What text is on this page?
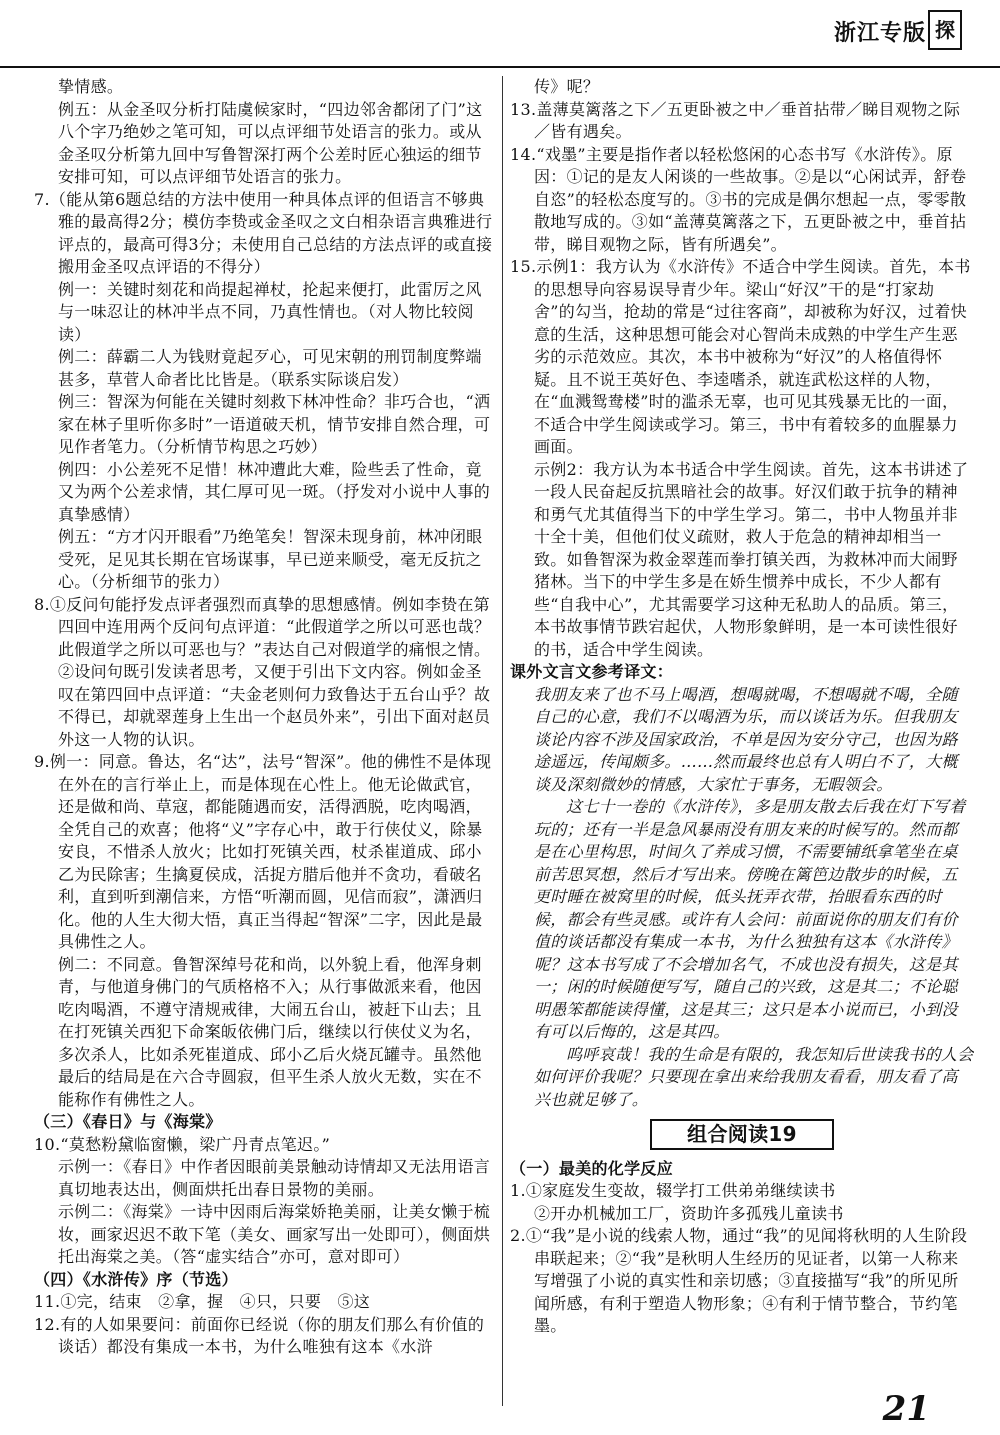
浙江专版 探

挚情感。

例五：从金圣叹分析打陆虞候家时，“四边邻舍都闭了门”这八个字乃绝妙之笔可知，可以点评细节处语言的张力。或从金圣叹分析第九回中写鲁智深打两个公差时匠心独运的细节安排可知，可以点评细节处语言的张力。

7.（能从第6题总结的方法中使用一种具体点评的但语言不够典雅的最高得2分；模仿李贽或金圣叹之文白相杂语言典雅进行评点的，最高可得3分；未使用自己总结的方法点评的或直接搬用金圣叹点评语的不得分）

例一：关键时刻花和尚提起禅杖，抡起来便打，此雷厉之风与一味忍让的林冲半点不同，乃真性情也。（对人物比较阅读）

例二：薛霸二人为钱财竟起歹心，可见宋朝的刑罚制度弊端甚多，草菅人命者比比皆是。（联系实际谈启发）

例三：智深为何能在关键时刻救下林冲性命？非巧合也，“洒家在林子里听你多时”一语道破天机，情节安排自然合理，可见作者笔力。（分析情节构思之巧妙）

例四：小公差死不足惜！林冲遭此大难，险些丢了性命，竟又为两个公差求情，其仁厚可见一斑。（抒发对小说中人事的真挚感情）

例五：“方才闪开眼看”乃绝笔矣！智深未现身前，林冲闭眼受死，足见其长期在官场谋事，早已逆来顺受，毫无反抗之心。（分析细节的张力）

8.①反问句能抒发点评者强烈而真挚的思想感情。例如李贽在第四回中连用两个反问句点评道：“此假道学之所以可恶也哉？此假道学之所以可恶也与？”表达自己对假道学的痛恨之情。②设问句既引发读者思考，又便于引出下文内容。例如金圣叹在第四回中点评道：“夫金老则何力致鲁达于五台山乎？故不得已，却就翠莲身上生出一个赵员外来”，引出下面对赵员外这一人物的认识。

9.例一：同意。鲁达，名“达”，法号“智深”。他的佛性不是体现在外在的言行举止上，而是体现在心性上。他无论做武官，还是做和尚、草寇，都能随遇而安，活得洒脱，吃肉喝酒，全凭自己的欢喜；他将“义”字存心中，敢于行侠仗义，除暴安良，不惜杀人放火；比如打死镇关西，杖杀崔道成、邱小乙为民除害；生擒夏侯成，活捉方腊后他并不贪功，看破名利，直到听到潮信来，方悟“听潮而圆，见信而寂”，潇洒归化。他的人生大彻大悟，真正当得起“智深”二字，因此是最具佛性之人。

例二：不同意。鲁智深绰号花和尚，以外貌上看，他浑身刺青，与他道身佛门的气质格格不入；从行事做派来看，他因吃肉喝酒，不遵守清规戒律，大闹五台山，被赶下山去；且在打死镇关西犯下命案皈依佛门后，继续以行侠仗义为名，多次杀人，比如杀死崔道成、邱小乙后火烧瓦罐寺。虽然他最后的结局是在六合寺圆寂，但平生杀人放火无数，实在不能称作有佛性之人。

（三）《春日》与《海棠》

10.“莫愁粉黛临窗懒，梁广丹青点笔迟。”

示例一：《春日》中作者因眼前美景触动诗情却又无法用语言真切地表达出，侧面烘托出春日景物的美丽。

示例二：《海棠》一诗中因雨后海棠娇艳美丽，让美女懒于梳妆，画家迟迟不敢下笔（美女、画家写出一处即可），侧面烘托出海棠之美。（答“虚实结合”亦可，意对即可）

（四）《水浒传》序（节选）

11.①完，结束　②拿，握　④只，只要　⑤这

12.有的人如果要问：前面你已经说（你的朋友们那么有价值的谈话）都没有集成一本书，为什么唯独有这本《水浒

传》呢？

13.盖薄莫篱落之下／五更卧被之中／垂首拈带／睇目观物之际／皆有遇矣。

14.“戏墨”主要是指作者以轻松悠闲的心态书写《水浒传》。原因：①记的是友人闲谈的一些故事。②是以“心闲试弄，舒卷自恣”的轻松态度写的。③书的完成是偶尔想起一点，零零散散地写成的。③如“盖薄莫篱落之下，五更卧被之中，垂首拈带，睇目观物之际，皆有所遇矣”。

15.示例1：我方认为《水浒传》不适合中学生阅读。首先，本书的思想导向容易误导青少年。梁山“好汉”干的是“打家劫舍”的勾当，抢劫的常是“过往客商”，却被称为好汉，过着快意的生活，这种思想可能会对心智尚未成熟的中学生产生恶劣的示范效应。其次，本书中被称为“好汉”的人格值得怀疑。且不说王英好色、李逵嗜杀，就连武松这样的人物，在“血溅鸳鸯楼”时的滥杀无辜，也可见其残暴无比的一面，不适合中学生阅读或学习。第三，书中有着较多的血腥暴力画面。

示例2：我方认为本书适合中学生阅读。首先，这本书讲述了一段人民奋起反抗黑暗社会的故事。好汉们敢于抗争的精神和勇气尤其值得当下的中学生学习。第二，书中人物虽并非十全十美，但他们仗义疏财，救人于危急的精神却相当一致。如鲁智深为救金翠莲而拳打镇关西，为救林冲而大闹野猪林。当下的中学生多是在娇生惯养中成长，不少人都有些“自我中心”，尤其需要学习这种无私助人的品质。第三，本书故事情节跌宕起伏，人物形象鲜明，是一本可读性很好的书，适合中学生阅读。

课外文言文参考译文：

我朋友来了也不马上喝酒，想喝就喝，不想喝就不喝，全随自己的心意，我们不以喝酒为乐，而以谈话为乐。但我朋友谈论内容不涉及国家政治，不单是因为安分守己，也因为路途遥远，传闻颇多。……然而最终也总有人明白不了，大概谈及深刻微妙的情感，大家忙于事务，无暇领会。

这七十一卷的《水浒传》，多是朋友散去后我在灯下写着玩的；还有一半是急风暴雨没有朋友来的时候写的。然而都是在心里构思，时间久了养成习惯，不需要铺纸拿笔坐在桌前苦思冥想，然后才写出来。傍晚在篱笆边散步的时候，五更时睡在被窝里的时候，低头抚弄衣带，抬眼看东西的时候，都会有些灵感。或许有人会问：前面说你的朋友们有价值的谈话都没有集成一本书，为什么独独有这本《水浒传》呢？这本书写成了不会增加名气，不成也没有损失，这是其一；闲的时候随便写写，随自己的兴致，这是其二；不论聪明愚笨都能读得懂，这是其三；这只是本小说而已，小到没有可以后悔的，这是其四。

呜呼哀哉！我的生命是有限的，我怎知后世读我书的人会如何评价我呢？只要现在拿出来给我朋友看看，朋友看了高兴也就足够了。

组合阅读19

（一）最美的化学反应

1.①家庭发生变故，辍学打工供弟弟继续读书

②开办机械加工厂，资助许多孤残儿童读书

2.①“我”是小说的线索人物，通过“我”的见闻将秋明的人生阶段串联起来；②“我”是秋明人生经历的见证者，以第一人称来写增强了小说的真实性和亲切感；③直接描写“我”的所见所闻所感，有利于塑造人物形象；④有利于情节整合，节约笔墨。

21
